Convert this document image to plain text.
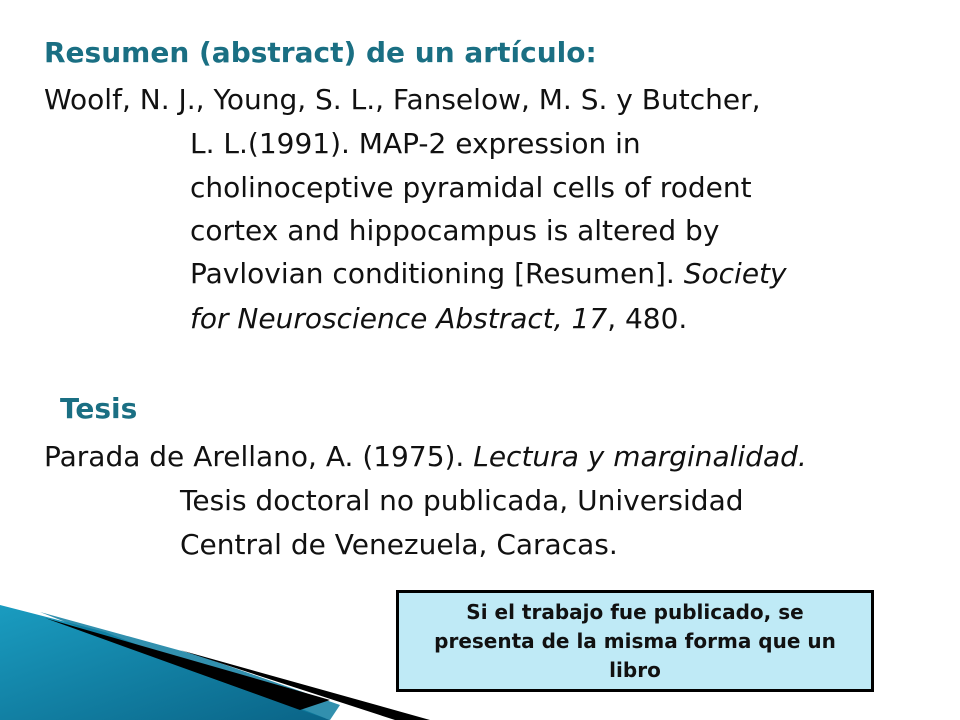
Resumen (abstract) de un artículo:

Woolf, N. J., Young, S. L., Fanselow, M. S. y Butcher,

L. L.(1991). MAP-2 expression in

cholinoceptive pyramidal cells of rodent

cortex and hippocampus is altered by

Pavlovian conditioning [Resumen]. Society

for Neuroscience Abstract, 17, 480.

Tesis

Parada de Arellano, A. (1975). Lectura y marginalidad.

Tesis doctoral no publicada, Universidad

Central de Venezuela, Caracas.

Si el trabajo fue publicado, se presenta de la misma forma que un libro
